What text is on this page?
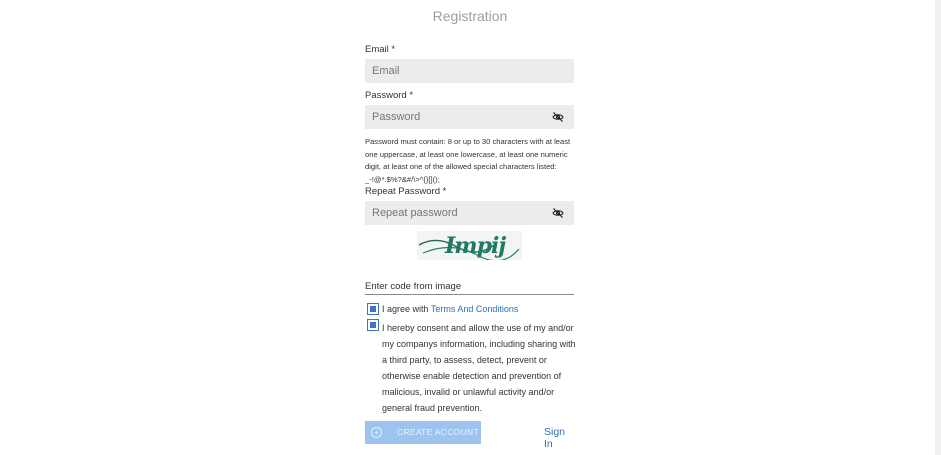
Registration
Email *
Email
Password *
Password must contain: 8 or up to 30 characters with at least one uppercase, at least one lowercase, at least one numeric digit, at least one of the allowed special characters listed: _-!@*.$%?&#/\>^{}[]();
Repeat Password *
Impij
Enter code from image
I agree with Terms And Conditions
I hereby consent and allow the use of my and/or my companys information, including sharing with a third party, to assess, detect, prevent or otherwise enable detection and prevention of malicious, invalid or unlawful activity and/or general fraud prevention.
+	CREATE ACCOUNT	Sign In
